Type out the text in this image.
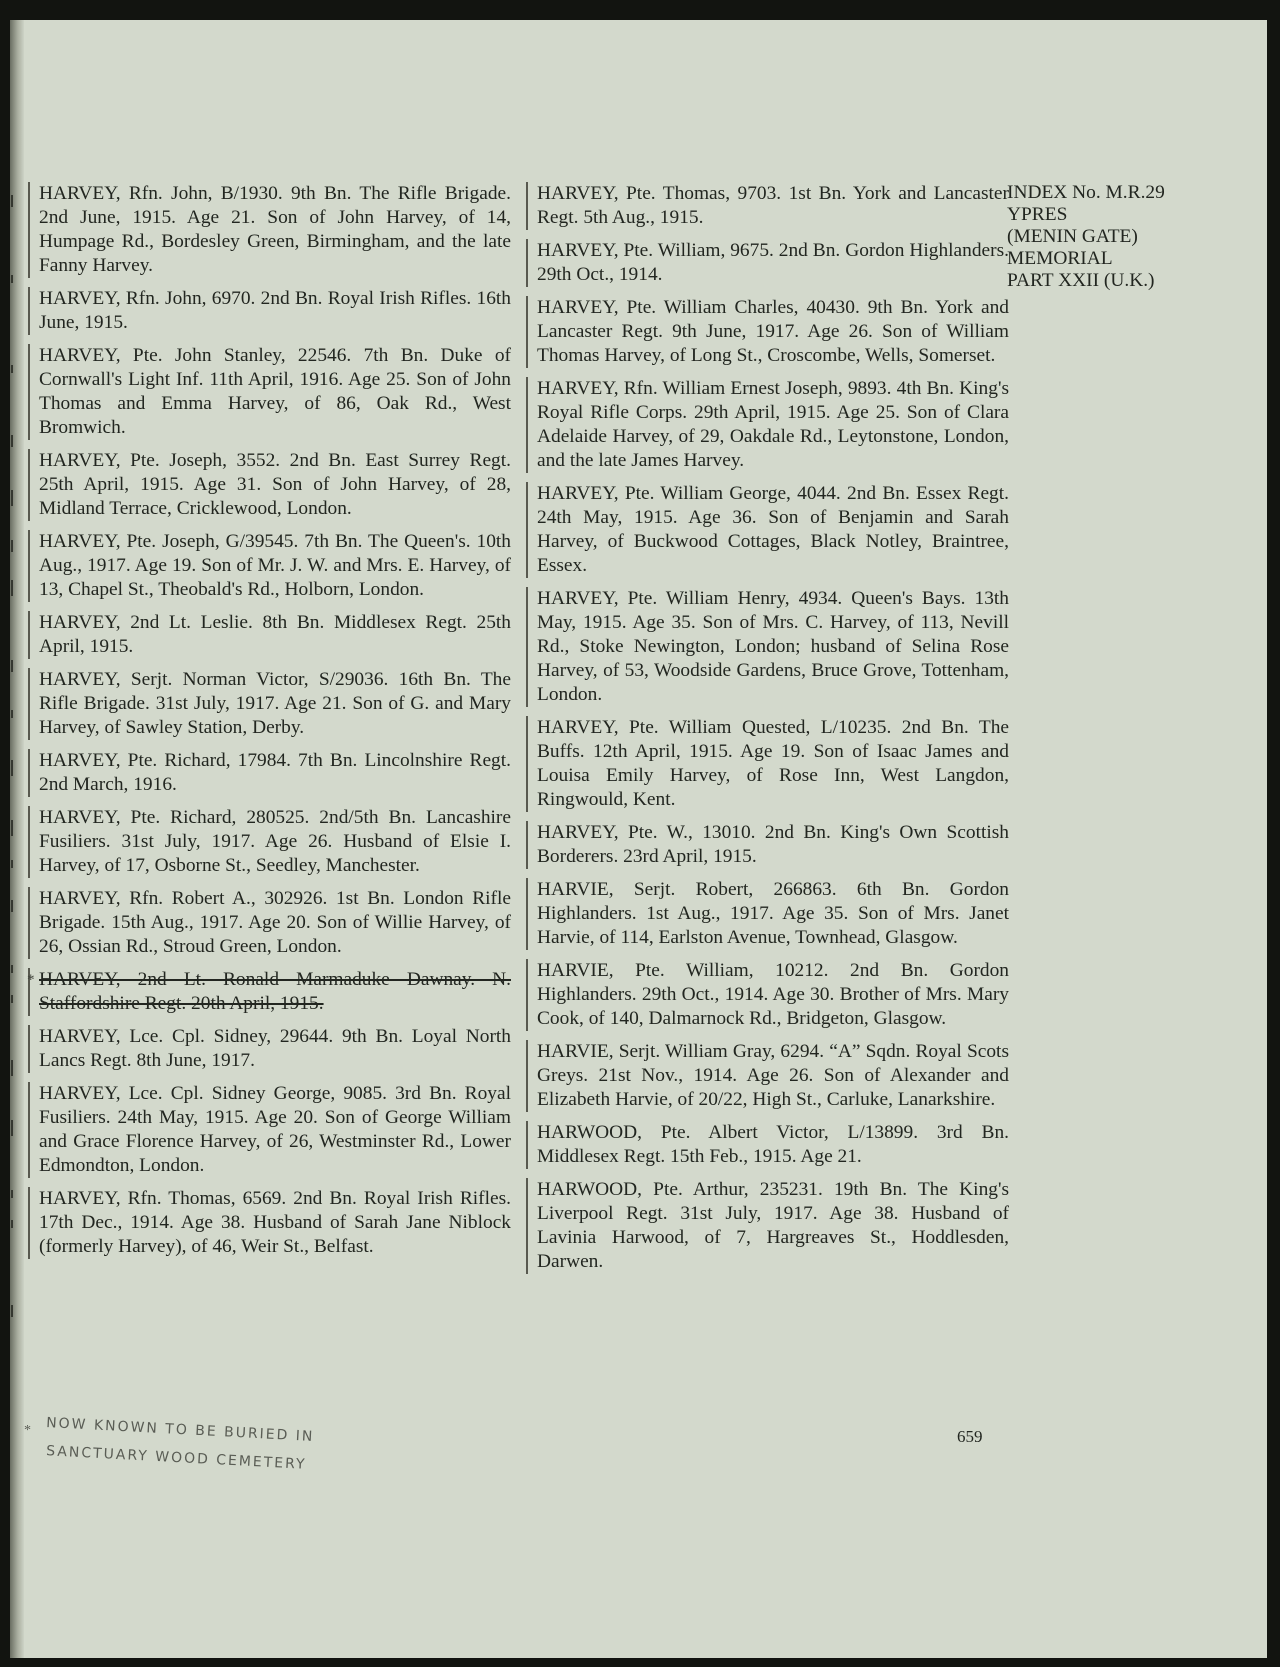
HARVEY, Rfn. John, B/1930. 9th Bn. The Rifle Brigade. 2nd June, 1915. Age 21. Son of John Harvey, of 14, Humpage Rd., Bordesley Green, Birmingham, and the late Fanny Harvey.
HARVEY, Rfn. John, 6970. 2nd Bn. Royal Irish Rifles. 16th June, 1915.
HARVEY, Pte. John Stanley, 22546. 7th Bn. Duke of Cornwall's Light Inf. 11th April, 1916. Age 25. Son of John Thomas and Emma Harvey, of 86, Oak Rd., West Bromwich.
HARVEY, Pte. Joseph, 3552. 2nd Bn. East Surrey Regt. 25th April, 1915. Age 31. Son of John Harvey, of 28, Midland Terrace, Cricklewood, London.
HARVEY, Pte. Joseph, G/39545. 7th Bn. The Queen's. 10th Aug., 1917. Age 19. Son of Mr. J. W. and Mrs. E. Harvey, of 13, Chapel St., Theobald's Rd., Holborn, London.
HARVEY, 2nd Lt. Leslie. 8th Bn. Middlesex Regt. 25th April, 1915.
HARVEY, Serjt. Norman Victor, S/29036. 16th Bn. The Rifle Brigade. 31st July, 1917. Age 21. Son of G. and Mary Harvey, of Sawley Station, Derby.
HARVEY, Pte. Richard, 17984. 7th Bn. Lincolnshire Regt. 2nd March, 1916.
HARVEY, Pte. Richard, 280525. 2nd/5th Bn. Lancashire Fusiliers. 31st July, 1917. Age 26. Husband of Elsie I. Harvey, of 17, Osborne St., Seedley, Manchester.
HARVEY, Rfn. Robert A., 302926. 1st Bn. London Rifle Brigade. 15th Aug., 1917. Age 20. Son of Willie Harvey, of 26, Ossian Rd., Stroud Green, London.
* HARVEY, 2nd Lt. Ronald Marmaduke Dawnay. N. Staffordshire Regt. 20th April, 1915.
HARVEY, Lce. Cpl. Sidney, 29644. 9th Bn. Loyal North Lancs Regt. 8th June, 1917.
HARVEY, Lce. Cpl. Sidney George, 9085. 3rd Bn. Royal Fusiliers. 24th May, 1915. Age 20. Son of George William and Grace Florence Harvey, of 26, Westminster Rd., Lower Edmondton, London.
HARVEY, Rfn. Thomas, 6569. 2nd Bn. Royal Irish Rifles. 17th Dec., 1914. Age 38. Husband of Sarah Jane Niblock (formerly Harvey), of 46, Weir St., Belfast.
HARVEY, Pte. Thomas, 9703. 1st Bn. York and Lancaster Regt. 5th Aug., 1915.
HARVEY, Pte. William, 9675. 2nd Bn. Gordon Highlanders. 29th Oct., 1914.
HARVEY, Pte. William Charles, 40430. 9th Bn. York and Lancaster Regt. 9th June, 1917. Age 26. Son of William Thomas Harvey, of Long St., Croscombe, Wells, Somerset.
HARVEY, Rfn. William Ernest Joseph, 9893. 4th Bn. King's Royal Rifle Corps. 29th April, 1915. Age 25. Son of Clara Adelaide Harvey, of 29, Oakdale Rd., Leytonstone, London, and the late James Harvey.
HARVEY, Pte. William George, 4044. 2nd Bn. Essex Regt. 24th May, 1915. Age 36. Son of Benjamin and Sarah Harvey, of Buckwood Cottages, Black Notley, Braintree, Essex.
HARVEY, Pte. William Henry, 4934. Queen's Bays. 13th May, 1915. Age 35. Son of Mrs. C. Harvey, of 113, Nevill Rd., Stoke Newington, London; husband of Selina Rose Harvey, of 53, Woodside Gardens, Bruce Grove, Tottenham, London.
HARVEY, Pte. William Quested, L/10235. 2nd Bn. The Buffs. 12th April, 1915. Age 19. Son of Isaac James and Louisa Emily Harvey, of Rose Inn, West Langdon, Ringwould, Kent.
HARVEY, Pte. W., 13010. 2nd Bn. King's Own Scottish Borderers. 23rd April, 1915.
HARVIE, Serjt. Robert, 266863. 6th Bn. Gordon Highlanders. 1st Aug., 1917. Age 35. Son of Mrs. Janet Harvie, of 114, Earlston Avenue, Townhead, Glasgow.
HARVIE, Pte. William, 10212. 2nd Bn. Gordon Highlanders. 29th Oct., 1914. Age 30. Brother of Mrs. Mary Cook, of 140, Dalmarnock Rd., Bridgeton, Glasgow.
HARVIE, Serjt. William Gray, 6294. “A” Sqdn. Royal Scots Greys. 21st Nov., 1914. Age 26. Son of Alexander and Elizabeth Harvie, of 20/22, High St., Carluke, Lanarkshire.
HARWOOD, Pte. Albert Victor, L/13899. 3rd Bn. Middlesex Regt. 15th Feb., 1915. Age 21.
HARWOOD, Pte. Arthur, 235231. 19th Bn. The King's Liverpool Regt. 31st July, 1917. Age 38. Husband of Lavinia Harwood, of 7, Hargreaves St., Hoddlesden, Darwen.
INDEX No. M.R.29
YPRES
(MENIN GATE)
MEMORIAL
PART XXII (U.K.)
659
* NOW KNOWN TO BE BURIED IN
SANCTUARY WOOD CEMETERY
